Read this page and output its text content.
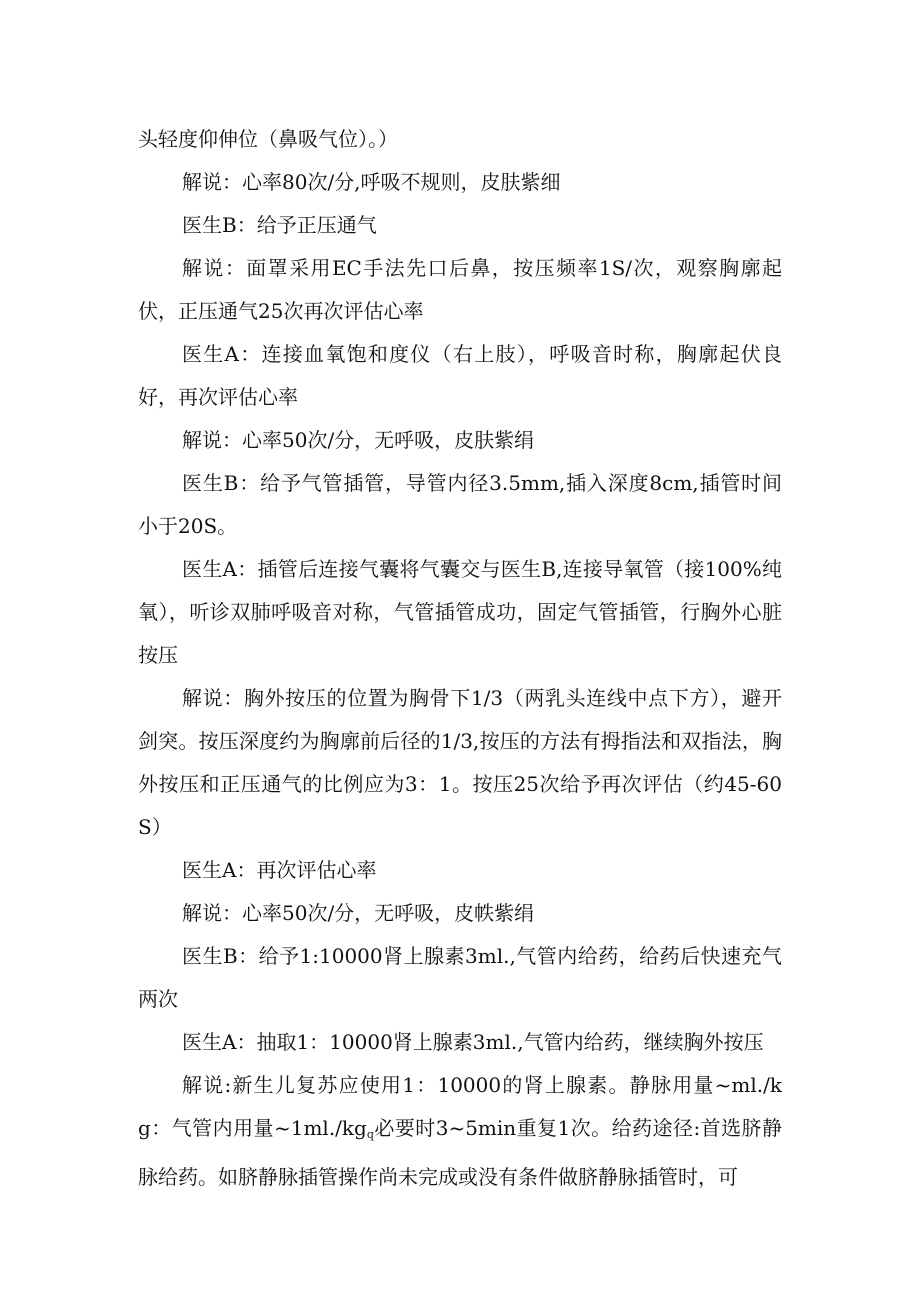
头轻度仰伸位（鼻吸气位）。）

解说：心率80次/分,呼吸不规则，皮肤紫细

医生B：给予正压通气

解说：面罩采用EC手法先口后鼻，按压频率1S/次，观察胸廓起伏，正压通气25次再次评估心率

医生A：连接血氧饱和度仪（右上肢），呼吸音时称，胸廓起伏良好，再次评估心率

解说：心率50次/分，无呼吸，皮肤紫绢

医生B：给予气管插管，导管内径3.5mm,插入深度8cm,插管时间小于20S。

医生A：插管后连接气囊将气囊交与医生B,连接导氧管（接100%纯氧），听诊双肺呼吸音对称，气管插管成功，固定气管插管，行胸外心脏按压

解说：胸外按压的位置为胸骨下1/3（两乳头连线中点下方），避开剑突。按压深度约为胸廓前后径的1/3,按压的方法有拇指法和双指法，胸外按压和正压通气的比例应为3：1。按压25次给予再次评估（约45-60S）

医生A：再次评估心率

解说：心率50次/分，无呼吸，皮帙紫绢

医生B：给予1:10000肾上腺素3ml.,气管内给药，给药后快速充气两次

医生A：抽取1：10000肾上腺素3ml.,气管内给药，继续胸外按压

解说:新生儿复苏应使用1：10000的肾上腺素。静脉用量~ml./kg：气管内用量$\sim 1ml./kg_q$必要时3~5min重复1次。给药途径:首选脐静脉给药。如脐静脉插管操作尚未完成或没有条件做脐静脉插管时，可
